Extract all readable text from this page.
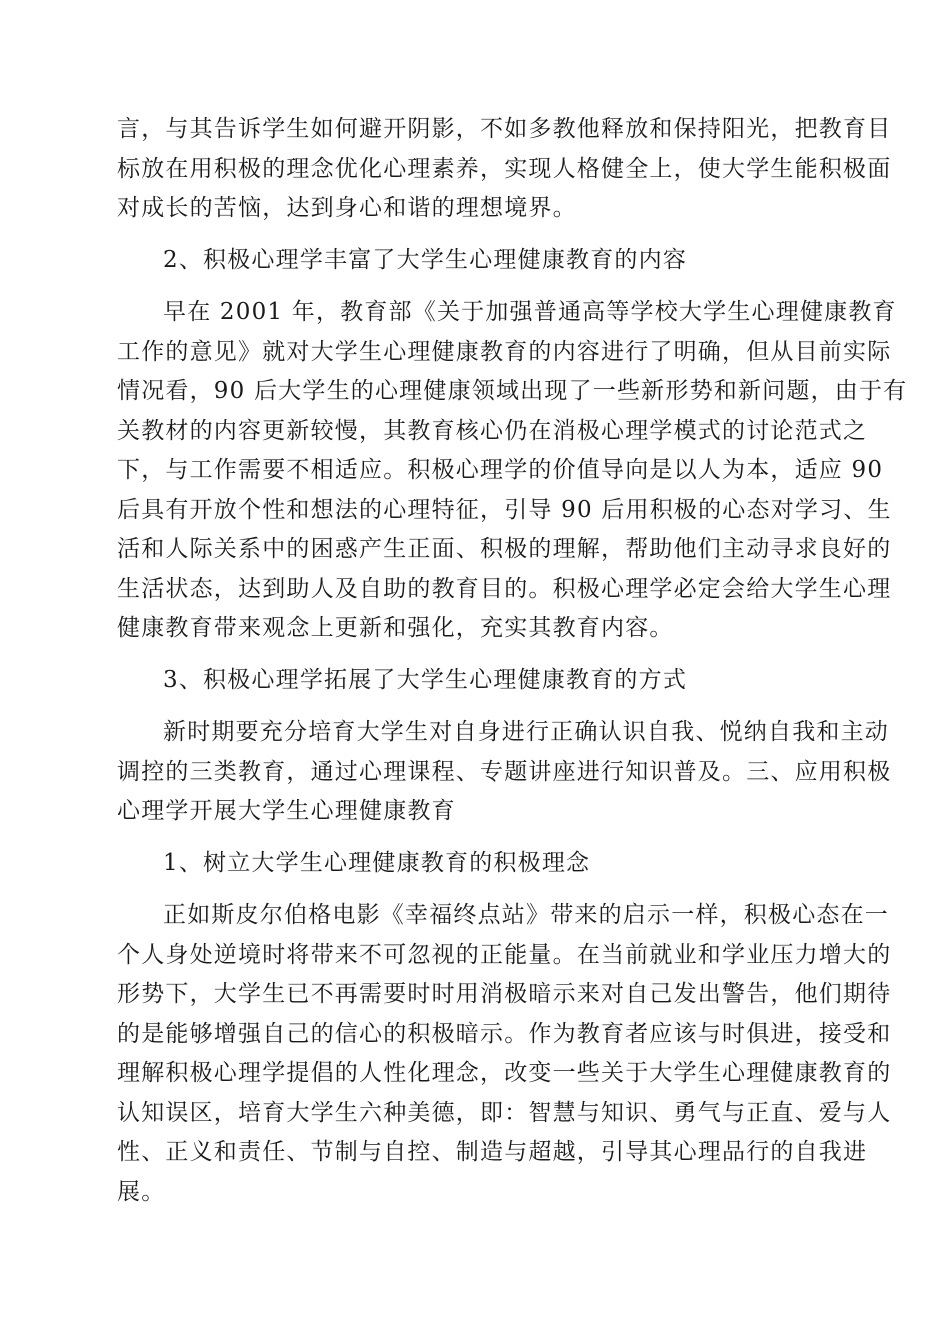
言，与其告诉学生如何避开阴影，不如多教他释放和保持阳光，把教育目
标放在用积极的理念优化心理素养，实现人格健全上，使大学生能积极面
对成长的苦恼，达到身心和谐的理想境界。
2、积极心理学丰富了大学生心理健康教育的内容
早在 2001 年，教育部《关于加强普通高等学校大学生心理健康教育
工作的意见》就对大学生心理健康教育的内容进行了明确，但从目前实际
情况看，90 后大学生的心理健康领域出现了一些新形势和新问题，由于有
关教材的内容更新较慢，其教育核心仍在消极心理学模式的讨论范式之
下，与工作需要不相适应。积极心理学的价值导向是以人为本，适应 90
后具有开放个性和想法的心理特征，引导 90 后用积极的心态对学习、生
活和人际关系中的困惑产生正面、积极的理解，帮助他们主动寻求良好的
生活状态，达到助人及自助的教育目的。积极心理学必定会给大学生心理
健康教育带来观念上更新和强化，充实其教育内容。
3、积极心理学拓展了大学生心理健康教育的方式
新时期要充分培育大学生对自身进行正确认识自我、悦纳自我和主动
调控的三类教育，通过心理课程、专题讲座进行知识普及。三、应用积极
心理学开展大学生心理健康教育
1、树立大学生心理健康教育的积极理念
正如斯皮尔伯格电影《幸福终点站》带来的启示一样，积极心态在一
个人身处逆境时将带来不可忽视的正能量。在当前就业和学业压力增大的
形势下，大学生已不再需要时时用消极暗示来对自己发出警告，他们期待
的是能够增强自己的信心的积极暗示。作为教育者应该与时俱进，接受和
理解积极心理学提倡的人性化理念，改变一些关于大学生心理健康教育的
认知误区，培育大学生六种美德，即：智慧与知识、勇气与正直、爱与人
性、正义和责任、节制与自控、制造与超越，引导其心理品行的自我进
展。
